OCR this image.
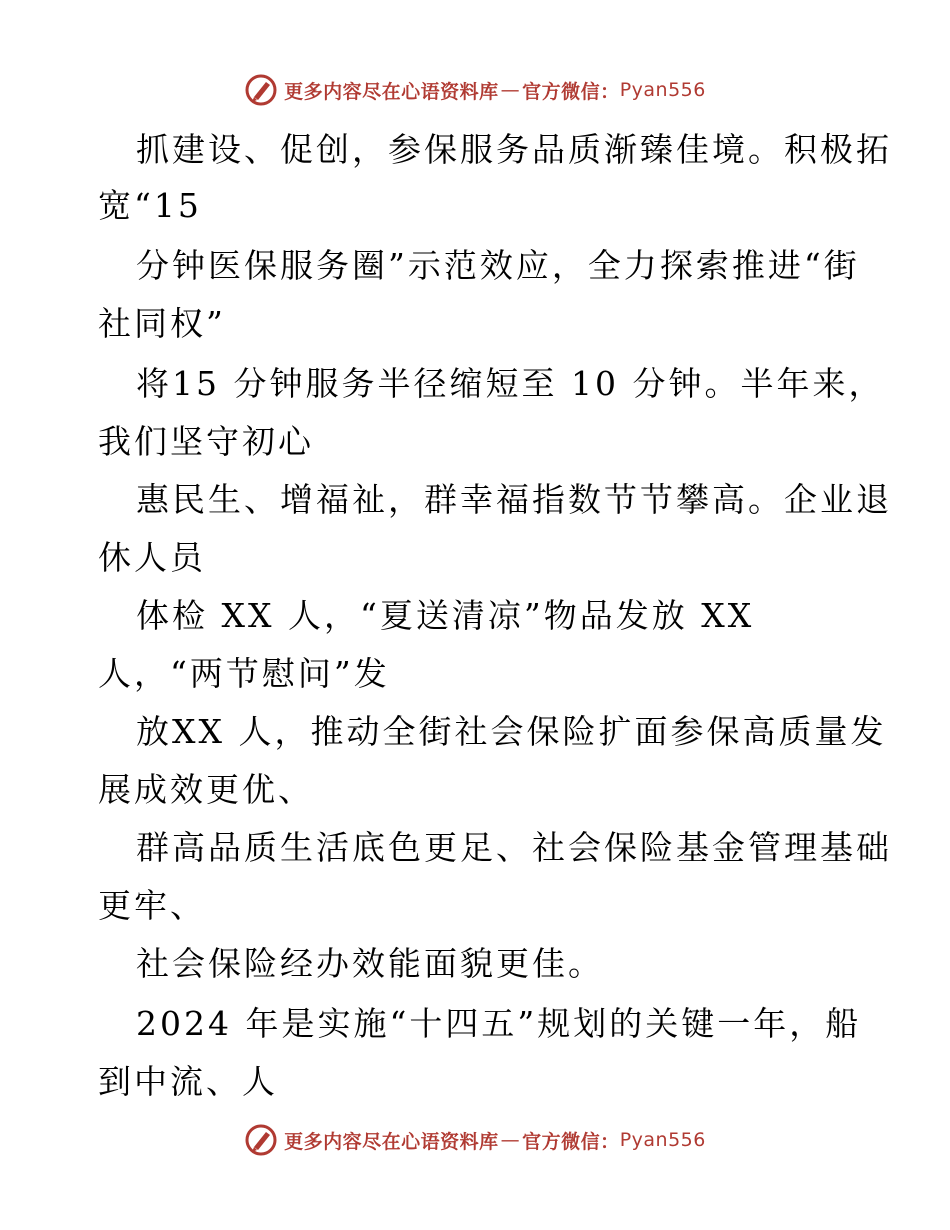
更多内容尽在心语资料库 — 官方微信： Pyan556
抓建设、促创，参保服务品质渐臻佳境。积极拓
宽“15
分钟医保服务圈”示范效应，全力探索推进“街
社同权”
将15 分钟服务半径缩短至 10 分钟。半年来，
我们坚守初心
惠民生、增福祉，群幸福指数节节攀高。企业退
休人员
体检 XX 人，“夏送清凉”物品发放 XX
人，“两节慰问”发
放XX 人，推动全街社会保险扩面参保高质量发
展成效更优、
群高品质生活底色更足、社会保险基金管理基础
更牢、
社会保险经办效能面貌更佳。
2024 年是实施“十四五”规划的关键一年，船
到中流、人
更多内容尽在心语资料库 — 官方微信： Pyan556
